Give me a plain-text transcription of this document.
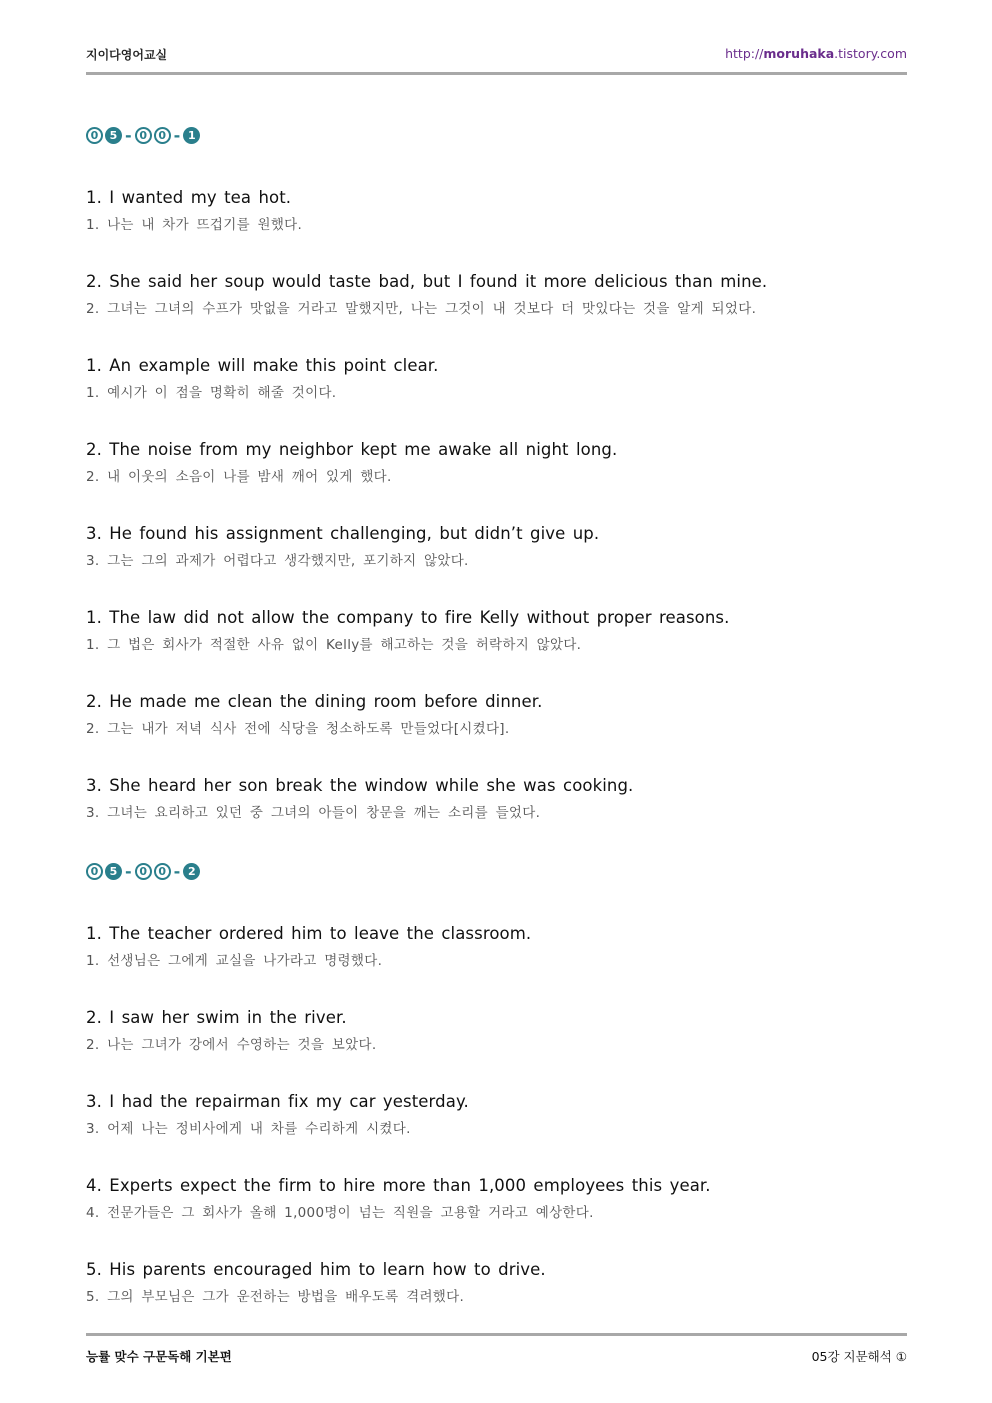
지이다영어교실	http://moruhaka.tistory.com
0	5 - 0	0 - 1
1. I wanted my tea hot.
1. 나는 내 차가 뜨겁기를 원했다.
2. She said her soup would taste bad, but I found it more delicious than mine.
2. 그녀는 그녀의 수프가 맛없을 거라고 말했지만, 나는 그것이 내 것보다 더 맛있다는 것을 알게 되었다.
1. An example will make this point clear.
1. 예시가 이 점을 명확히 해줄 것이다.
2. The noise from my neighbor kept me awake all night long.
2. 내 이웃의 소음이 나를 밤새 깨어 있게 했다.
3. He found his assignment challenging, but didn’t give up.
3. 그는 그의 과제가 어렵다고 생각했지만, 포기하지 않았다.
1. The law did not allow the company to fire Kelly without proper reasons.
1. 그 법은 회사가 적절한 사유 없이 Kelly를 해고하는 것을 허락하지 않았다.
2. He made me clean the dining room before dinner.
2. 그는 내가 저녁 식사 전에 식당을 청소하도록 만들었다[시켰다].
3. She heard her son break the window while she was cooking.
3. 그녀는 요리하고 있던 중 그녀의 아들이 창문을 깨는 소리를 들었다.
0	5 - 0	0 - 2
1. The teacher ordered him to leave the classroom.
1. 선생님은 그에게 교실을 나가라고 명령했다.
2. I saw her swim in the river.
2. 나는 그녀가 강에서 수영하는 것을 보았다.
3. I had the repairman fix my car yesterday.
3. 어제 나는 정비사에게 내 차를 수리하게 시켰다.
4. Experts expect the firm to hire more than 1,000 employees this year.
4. 전문가들은 그 회사가 올해 1,000명이 넘는 직원을 고용할 거라고 예상한다.
5. His parents encouraged him to learn how to drive.
5. 그의 부모님은 그가 운전하는 방법을 배우도록 격려했다.
능률 맞수 구문독해 기본편	05강 지문해석 ①
